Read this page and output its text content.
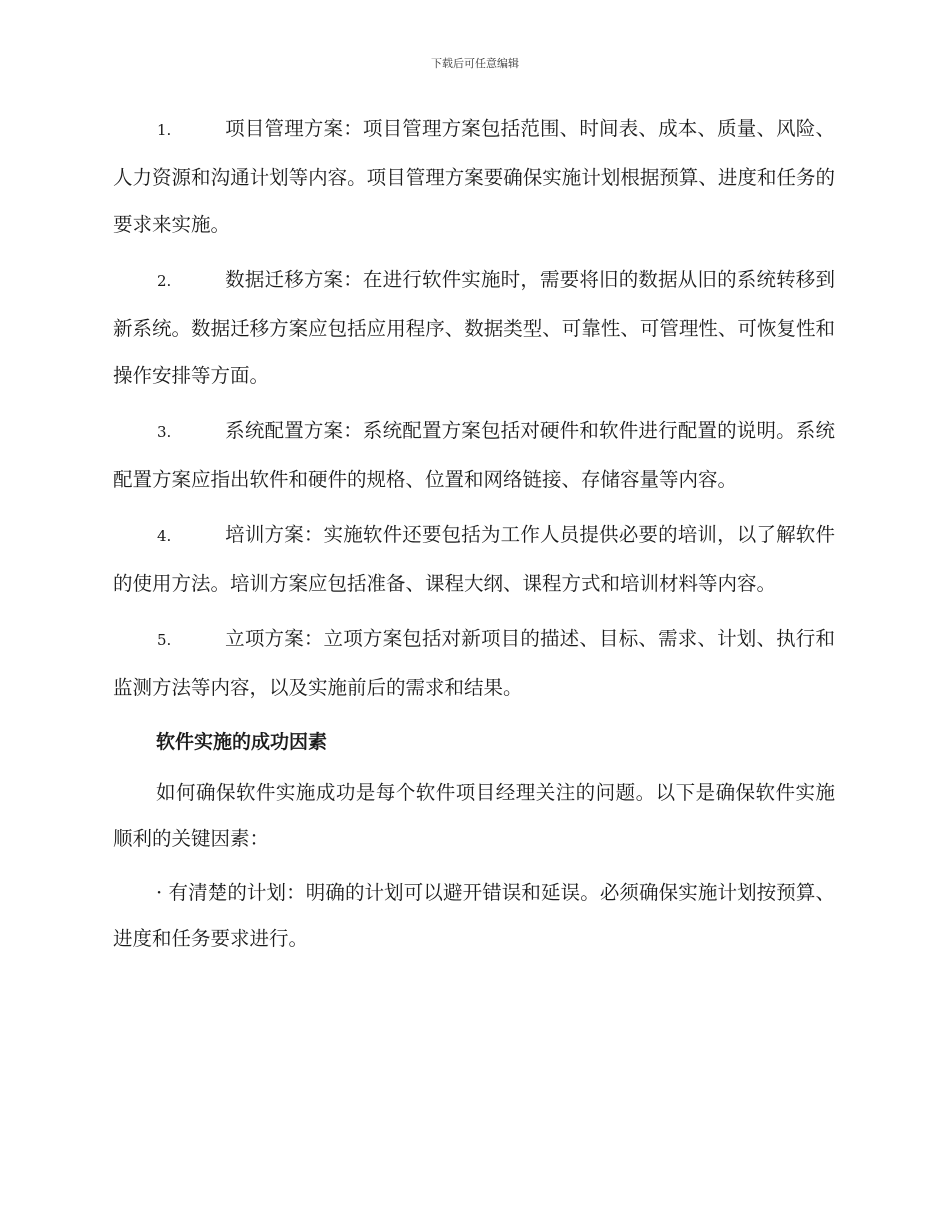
下载后可任意编辑

1.	项目管理方案：项目管理方案包括范围、时间表、成本、质量、风险、人力资源和沟通计划等内容。项目管理方案要确保实施计划根据预算、进度和任务的要求来实施。

2.	数据迁移方案：在进行软件实施时，需要将旧的数据从旧的系统转移到新系统。数据迁移方案应包括应用程序、数据类型、可靠性、可管理性、可恢复性和操作安排等方面。

3.	系统配置方案：系统配置方案包括对硬件和软件进行配置的说明。系统配置方案应指出软件和硬件的规格、位置和网络链接、存储容量等内容。

4.	培训方案：实施软件还要包括为工作人员提供必要的培训，以了解软件的使用方法。培训方案应包括准备、课程大纲、课程方式和培训材料等内容。

5.	立项方案：立项方案包括对新项目的描述、目标、需求、计划、执行和监测方法等内容，以及实施前后的需求和结果。

软件实施的成功因素

如何确保软件实施成功是每个软件项目经理关注的问题。以下是确保软件实施顺利的关键因素：

· 有清楚的计划：明确的计划可以避开错误和延误。必须确保实施计划按预算、进度和任务要求进行。
